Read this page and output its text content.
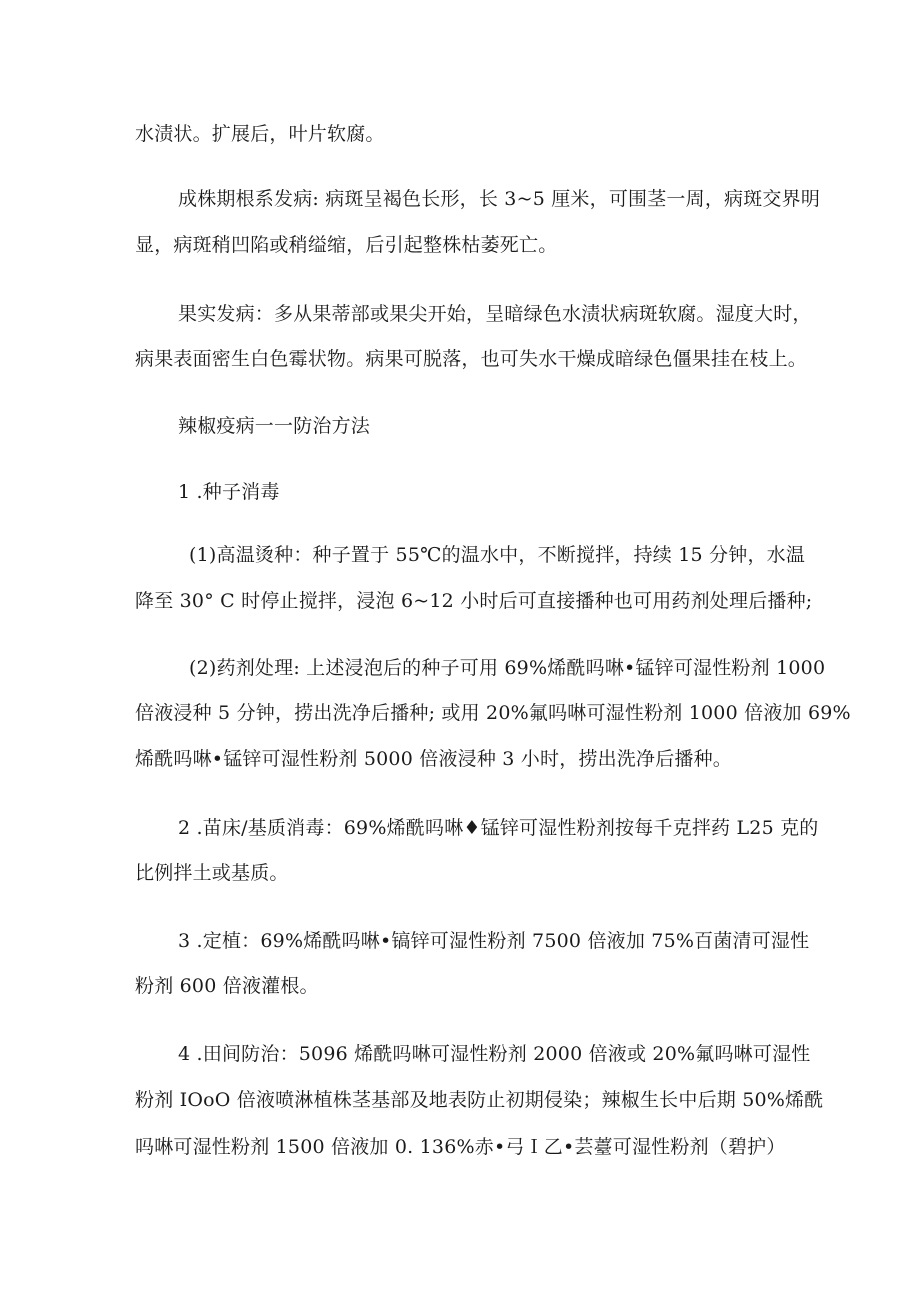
水渍状。扩展后，叶片软腐。
成株期根系发病: 病斑呈褐色长形，长 3~5 厘米，可围茎一周，病斑交界明
显，病斑稍凹陷或稍缢缩，后引起整株枯萎死亡。
果实发病：多从果蒂部或果尖开始，呈暗绿色水渍状病斑软腐。湿度大时，
病果表面密生白色霉状物。病果可脱落，也可失水干燥成暗绿色僵果挂在枝上。
辣椒疫病一一防治方法
1 .种子消毒
(1)高温烫种：种子置于 55℃的温水中，不断搅拌，持续 15 分钟，水温
降至 30° C 时停止搅拌，浸泡 6~12 小时后可直接播种也可用药剂处理后播种;
(2)药剂处理: 上述浸泡后的种子可用 69%烯酰吗啉•锰锌可湿性粉剂 1000
倍液浸种 5 分钟，捞出洗净后播种; 或用 20%氟吗啉可湿性粉剂 1000 倍液加 69%
烯酰吗啉•锰锌可湿性粉剂 5000 倍液浸种 3 小时，捞出洗净后播种。
2 .苗床/基质消毒：69%烯酰吗啉♦锰锌可湿性粉剂按每千克拌药 L25 克的
比例拌土或基质。
3 .定植：69%烯酰吗啉•镐锌可湿性粉剂 7500 倍液加 75%百菌清可湿性
粉剂 600 倍液灌根。
4 .田间防治：5096 烯酰吗啉可湿性粉剂 2000 倍液或 20%氟吗啉可湿性
粉剂 IOoO 倍液喷淋植株茎基部及地表防止初期侵染；辣椒生长中后期 50%烯酰
吗啉可湿性粉剂 1500 倍液加 0. 136%赤•弓Ｉ乙•芸薹可湿性粉剂（碧护）
